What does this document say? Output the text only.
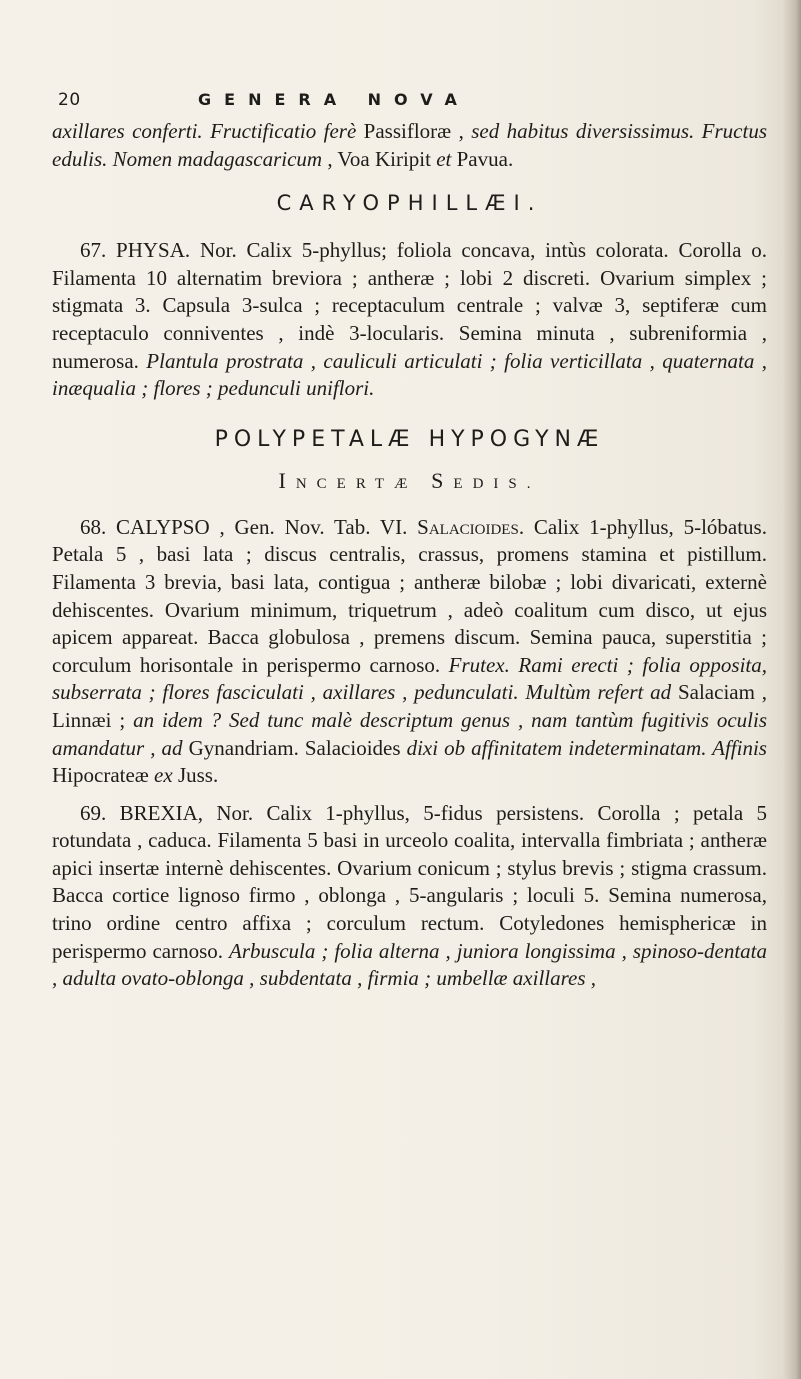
20	GENERA NOVA

axillares conferti. Fructificatio ferè Passifloræ , sed habitus diversissimus. Fructus edulis. Nomen madagascaricum , Voa Kiripit et Pavua.

CARYOPHILLÆI.

67. PHYSA. Nor. Calix 5-phyllus; foliola concava, intùs colorata. Corolla o. Filamenta 10 alternatim breviora ; antheræ ; lobi 2 discreti. Ovarium simplex ; stigmata 3. Capsula 3-sulca ; receptaculum centrale ; valvæ 3, septiferæ cum receptaculo conniventes , indè 3-locularis. Semina minuta , subreniformia , numerosa. Plantula prostrata , cauliculi articulati ; folia verticillata , quaternata , inæqualia ; flores ; pedunculi uniflori.

POLYPETALÆ HYPOGYNÆ
INCERTÆ SEDIS.

68. CALYPSO , Gen. Nov. Tab. VI. Salacioides. Calix 1-phyllus, 5-lóbatus. Petala 5 , basi lata ; discus centralis, crassus, promens stamina et pistillum. Filamenta 3 brevia, basi lata, contigua ; antheræ bilobæ ; lobi divaricati, externè dehiscentes. Ovarium minimum, triquetrum , adeò coalitum cum disco, ut ejus apicem appareat. Bacca globulosa , premens discum. Semina pauca, superstitia ; corculum horisontale in perispermo carnoso. Frutex. Rami erecti ; folia opposita, subserrata ; flores fasciculati , axillares , pedunculati. Multùm refert ad Salaciam , Linnæi ; an idem ? Sed tunc malè descriptum genus , nam tantùm fugitivis oculis amandatur , ad Gynandriam. Salacioides dixi ob affinitatem indeterminatam. Affinis Hipocrateæ ex Juss.

69. BREXIA, Nor. Calix 1-phyllus, 5-fidus persistens. Corolla ; petala 5 rotundata , caduca. Filamenta 5 basi in urceolo coalita, intervalla fimbriata ; antheræ apici insertæ internè dehiscentes. Ovarium conicum ; stylus brevis ; stigma crassum. Bacca cortice lignoso firmo , oblonga , 5-angularis ; loculi 5. Semina numerosa, trino ordine centro affixa ; corculum rectum. Cotyledones hemisphericæ in perispermo carnoso. Arbuscula ; folia alterna , juniora longissima , spinoso-dentata , adulta ovato-oblonga , subdentata , firmia ; umbellæ axillares ,
